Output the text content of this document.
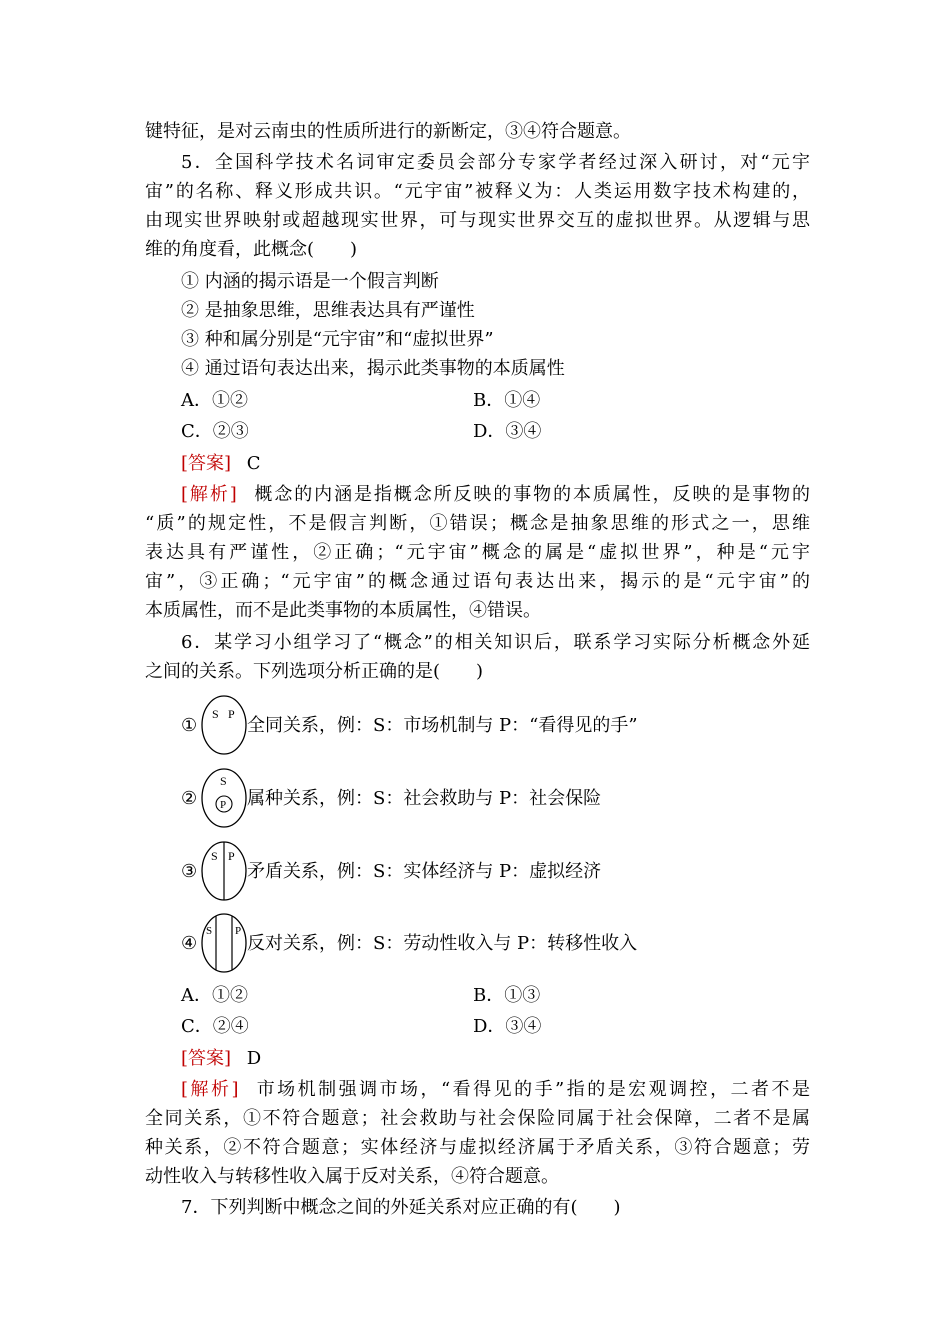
键特征，是对云南虫的性质所进行的新断定，③④符合题意。
5．全国科学技术名词审定委员会部分专家学者经过深入研讨，对“元宇
宙”的名称、释义形成共识。“元宇宙”被释义为：人类运用数字技术构建的，
由现实世界映射或超越现实世界，可与现实世界交互的虚拟世界。从逻辑与思
维的角度看，此概念(　　)
① 内涵的揭示语是一个假言判断
② 是抽象思维，思维表达具有严谨性
③ 种和属分别是“元宇宙”和“虚拟世界”
④ 通过语句表达出来，揭示此类事物的本质属性
A．①②	B．①④
C．②③	D．③④
[答案] C
[解析] 概念的内涵是指概念所反映的事物的本质属性，反映的是事物的
“质”的规定性，不是假言判断，①错误；概念是抽象思维的形式之一，思维
表达具有严谨性，②正确；“元宇宙”概念的属是“虚拟世界”，种是“元宇
宙”，③正确；“元宇宙”的概念通过语句表达出来，揭示的是“元宇宙”的
本质属性，而不是此类事物的本质属性，④错误。
6．某学习小组学习了“概念”的相关知识后，联系学习实际分析概念外延
之间的关系。下列选项分析正确的是(　　)
①
S P
全同关系，例：S：市场机制与 P：“看得见的手”
②
S
P 属种关系，例：S：社会救助与 P：社会保险
③
S P
矛盾关系，例：S：实体经济与 P：虚拟经济
④
S P
反对关系，例：S：劳动性收入与 P：转移性收入
A．①②	B．①③
C．②④	D．③④
[答案] D
[解析] 市场机制强调市场，“看得见的手”指的是宏观调控，二者不是
全同关系，①不符合题意；社会救助与社会保险同属于社会保障，二者不是属
种关系，②不符合题意；实体经济与虚拟经济属于矛盾关系，③符合题意；劳
动性收入与转移性收入属于反对关系，④符合题意。
7．下列判断中概念之间的外延关系对应正确的有(　　)
